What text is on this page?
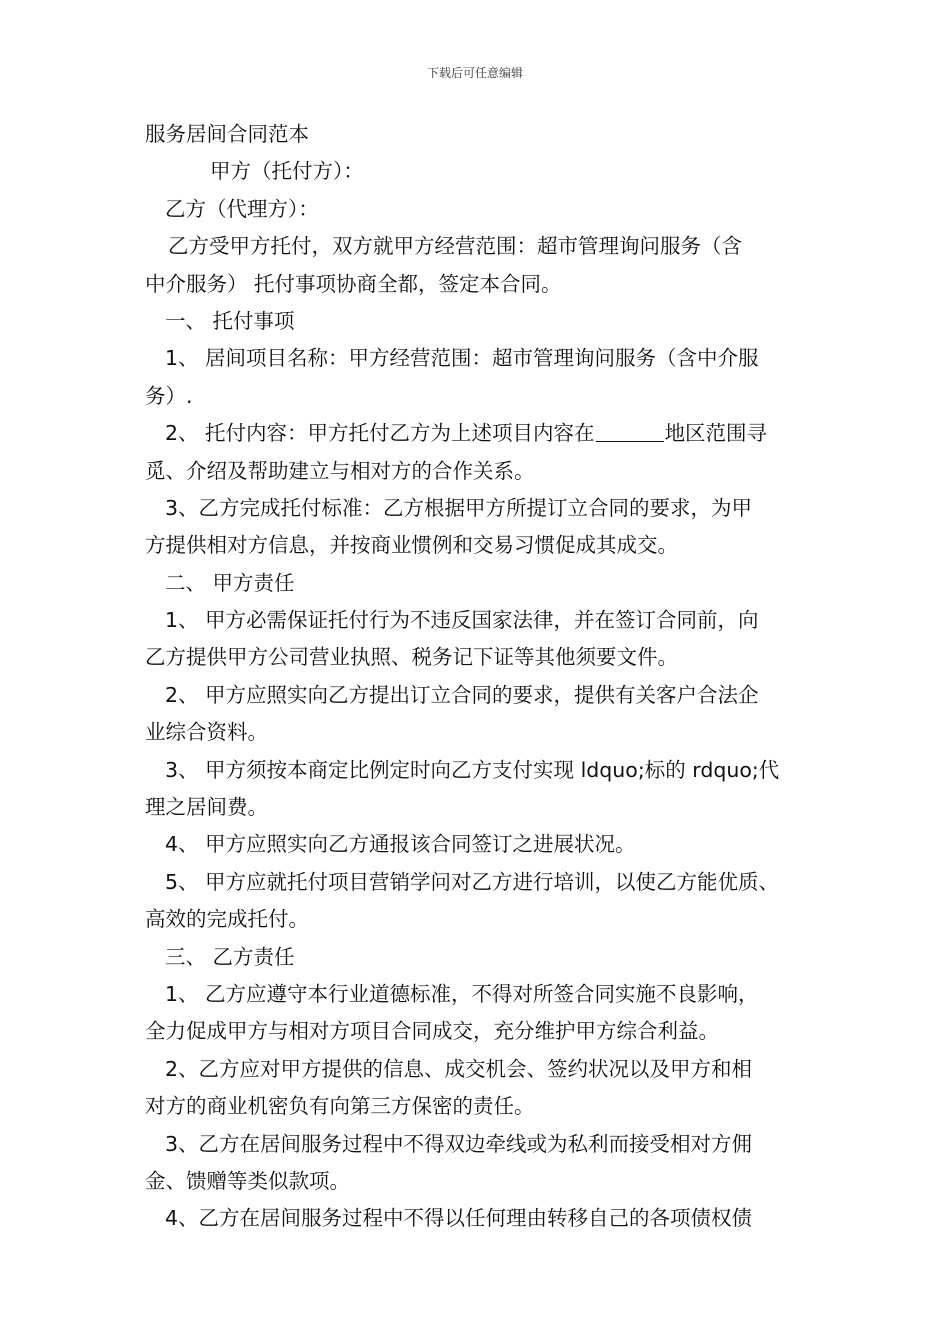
下载后可任意编辑
服务居间合同范本
甲方（托付方）：
乙方（代理方）：
乙方受甲方托付，双方就甲方经营范围：超市管理询问服务（含
中介服务） 托付事项协商全都，签定本合同。
一、 托付事项
1、 居间项目名称：甲方经营范围：超市管理询问服务（含中介服
务）.
2、 托付内容：甲方托付乙方为上述项目内容在	地区范围寻
觅、介绍及帮助建立与相对方的合作关系。
3、乙方完成托付标准：乙方根据甲方所提订立合同的要求，为甲
方提供相对方信息，并按商业惯例和交易习惯促成其成交。
二、 甲方责任
1、 甲方必需保证托付行为不违反国家法律，并在签订合同前，向
乙方提供甲方公司营业执照、税务记下证等其他须要文件。
2、 甲方应照实向乙方提出订立合同的要求，提供有关客户合法企
业综合资料。
3、 甲方须按本商定比例定时向乙方支付实现 ldquo;标的 rdquo;代
理之居间费。
4、 甲方应照实向乙方通报该合同签订之进展状况。
5、 甲方应就托付项目营销学问对乙方进行培训，以使乙方能优质、
高效的完成托付。
三、 乙方责任
1、 乙方应遵守本行业道德标准，不得对所签合同实施不良影响，
全力促成甲方与相对方项目合同成交，充分维护甲方综合利益。
2、乙方应对甲方提供的信息、成交机会、签约状况以及甲方和相
对方的商业机密负有向第三方保密的责任。
3、乙方在居间服务过程中不得双边牵线或为私利而接受相对方佣
金、馈赠等类似款项。
4、乙方在居间服务过程中不得以任何理由转移自己的各项债权债
